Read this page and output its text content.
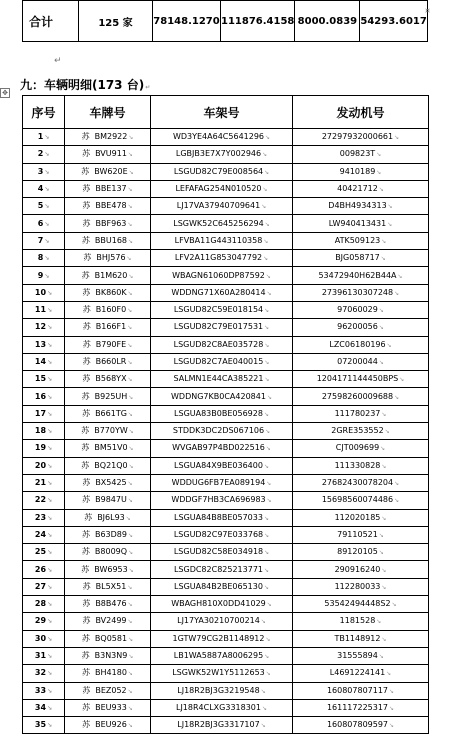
合计	125 家	78148.1270	111876.4158	8000.0839	54293.6017
¤
↵
九：车辆明细(173 台)↵
✥
序号	车牌号	车架号	发动机号
1↘	苏 BM2922↘	WD3YE4A64C5641296↘	27297932000661↘
2↘	苏 BVU911↘	LGBJB3E7X7Y002946↘	009823T↘
3↘	苏 BW620E↘	LSGUD82C79E008564↘	9410189↘
4↘	苏 BBE137↘	LEFAFAG254N010520↘	40421712↘
5↘	苏 BBE478↘	LJ17VA37940709641↘	D4BH4934313↘
6↘	苏 BBF963↘	LSGWK52C645256294↘	LW940413431↘
7↘	苏 BBU168↘	LFVBA11G443110358↘	ATK509123↘
8↘	苏 BHJ576↘	LFV2A11G853047792↘	BJG058717↘
9↘	苏 B1M620↘	WBAGN61060DP87592↘	53472940H62B44A↘
10↘	苏 BK860K↘	WDDNG71X60A280414↘	27396130307248↘
11↘	苏 B160F0↘	LSGUD82C59E018154↘	97060029↘
12↘	苏 B166F1↘	LSGUD82C79E017531↘	96200056↘
13↘	苏 B790FE↘	LSGUD82C8AE035728↘	LZC06180196↘
14↘	苏 B660LR↘	LSGUD82C7AE040015↘	07200044↘
15↘	苏 B568YX↘	SALMN1E44CA385221↘	1204171144450BPS↘
16↘	苏 B925UH↘	WDDNG7KB0CA420841↘	27598260009688↘
17↘	苏 B661TG↘	LSGUA83B0BE056928↘	111780237↘
18↘	苏 B770YW↘	STDDK3DC2DS067106↘	2GRE353552↘
19↘	苏 BM51V0↘	WVGAB97P4BD022516↘	CJT009699↘
20↘	苏 BQ21Q0↘	LSGUA84X9BE036400↘	111330828↘
21↘	苏 BX5425↘	WDDUG6FB7EA089194↘	27682430078204↘
22↘	苏 B9847U↘	WDDGF7HB3CA696983↘	15698560074486↘
23↘	苏 BJ6L93↘	LSGUA84B8BE057033↘	112020185↘
24↘	苏 B63D89↘	LSGUD82C97E033768↘	79110521↘
25↘	苏 B8009Q↘	LSGUD82C58E034918↘	89120105↘
26↘	苏 BW6953↘	LSGDC82C825213771↘	290916240↘
27↘	苏 BL5X51↘	LSGUA84B2BE065130↘	112280033↘
28↘	苏 B8B476↘	WBAGH810X0DD41029↘	53542494448S2↘
29↘	苏 BV2499↘	LJ17YA30210700214↘	1181528↘
30↘	苏 BQ0581↘	1GTW79CG2B1148912↘	TB1148912↘
31↘	苏 B3N3N9↘	LB1WA5887A8006295↘	31555894↘
32↘	苏 BH4180↘	LSGWK52W1Y5112653↘	L4691224141↘
33↘	苏 BEZ052↘	LJ18R2BJ3G3219548↘	160807807117↘
34↘	苏 BEU933↘	LJ18R4CLXG3318301↘	161117225317↘
35↘	苏 BEU926↘	LJ18R2BJ3G3317107↘	160807809597↘
